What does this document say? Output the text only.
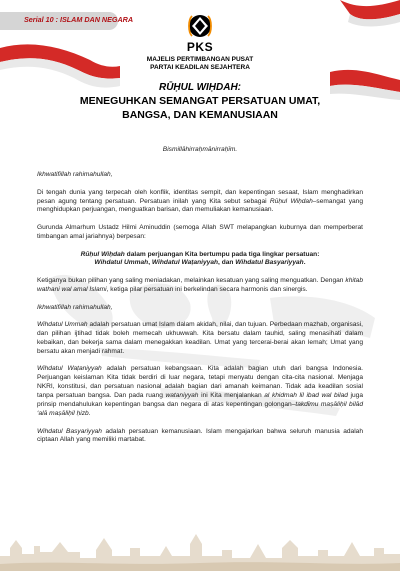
Serial 10 : ISLAM DAN NEGARA
PKS
MAJELIS PERTIMBANGAN PUSAT
PARTAI KEADILAN SEJAHTERA
RŪḤUL WIḤDAH:
MENEGUHKAN SEMANGAT PERSATUAN UMAT,
BANGSA, DAN KEMANUSIAAN
Bismillāhirraḥmānirraḥīm.

Ikhwatifillah rahimahullah,

Di tengah dunia yang terpecah oleh konflik, identitas sempit, dan kepentingan sesaat, Islam menghadirkan pesan agung tentang persatuan. Persatuan inilah yang Kita sebut sebagai Rūḥul Wiḥdah–semangat yang menghidupkan perjuangan, menguatkan barisan, dan memuliakan kemanusiaan.

Gurunda Almarhum Ustadz Hilmi Aminuddin (semoga Allah SWT melapangkan kuburnya dan memperberat timbangan amal jariahnya) berpesan:

Rūḥul Wiḥdah dalam perjuangan Kita bertumpu pada tiga lingkar persatuan:
Wihdatul Ummah, Wihdatul Waṭaniyyah, dan Wihdatul Basyariyyah.

Ketiganya bukan pilihan yang saling meniadakan, melainkan kesatuan yang saling menguatkan. Dengan khitab wathani wal amal Islami, ketiga pilar persatuan ini berkelindan secara harmonis dan sinergis.

Ikhwatifillah rahimahullah,

Wihdatul Ummah adalah persatuan umat Islam dalam akidah, nilai, dan tujuan. Perbedaan mazhab, organisasi, dan pilihan ijtihad tidak boleh memecah ukhuwwah. Kita bersatu dalam tauhid, saling menasihati dalam kebaikan, dan bekerja sama dalam menegakkan keadilan. Umat yang tercerai-berai akan lemah; Umat yang bersatu akan menjadi rahmat.

Wihdatul Waṭaniyyah adalah persatuan kebangsaan. Kita adalah bagian utuh dari bangsa Indonesia. Perjuangan keislaman Kita tidak berdiri di luar negara, tetapi menyatu dengan cita-cita nasional. Menjaga NKRI, konstitusi, dan persatuan nasional adalah bagian dari amanah keimanan. Tidak ada keadilan sosial tanpa persatuan bangsa. Dan pada ruang wataniyyah ini Kita menjalankan al khidmah lil ibad wal bilad juga prinsip mendahulukan kepentingan bangsa dan negara di atas kepentingan golongan–takdīmu maṣāliḥil bilād ‘alā maṣāliḥil ḥizb.

Wihdatul Basyariyyah adalah persatuan kemanusiaan. Islam mengajarkan bahwa seluruh manusia adalah ciptaan Allah yang memiliki martabat.
